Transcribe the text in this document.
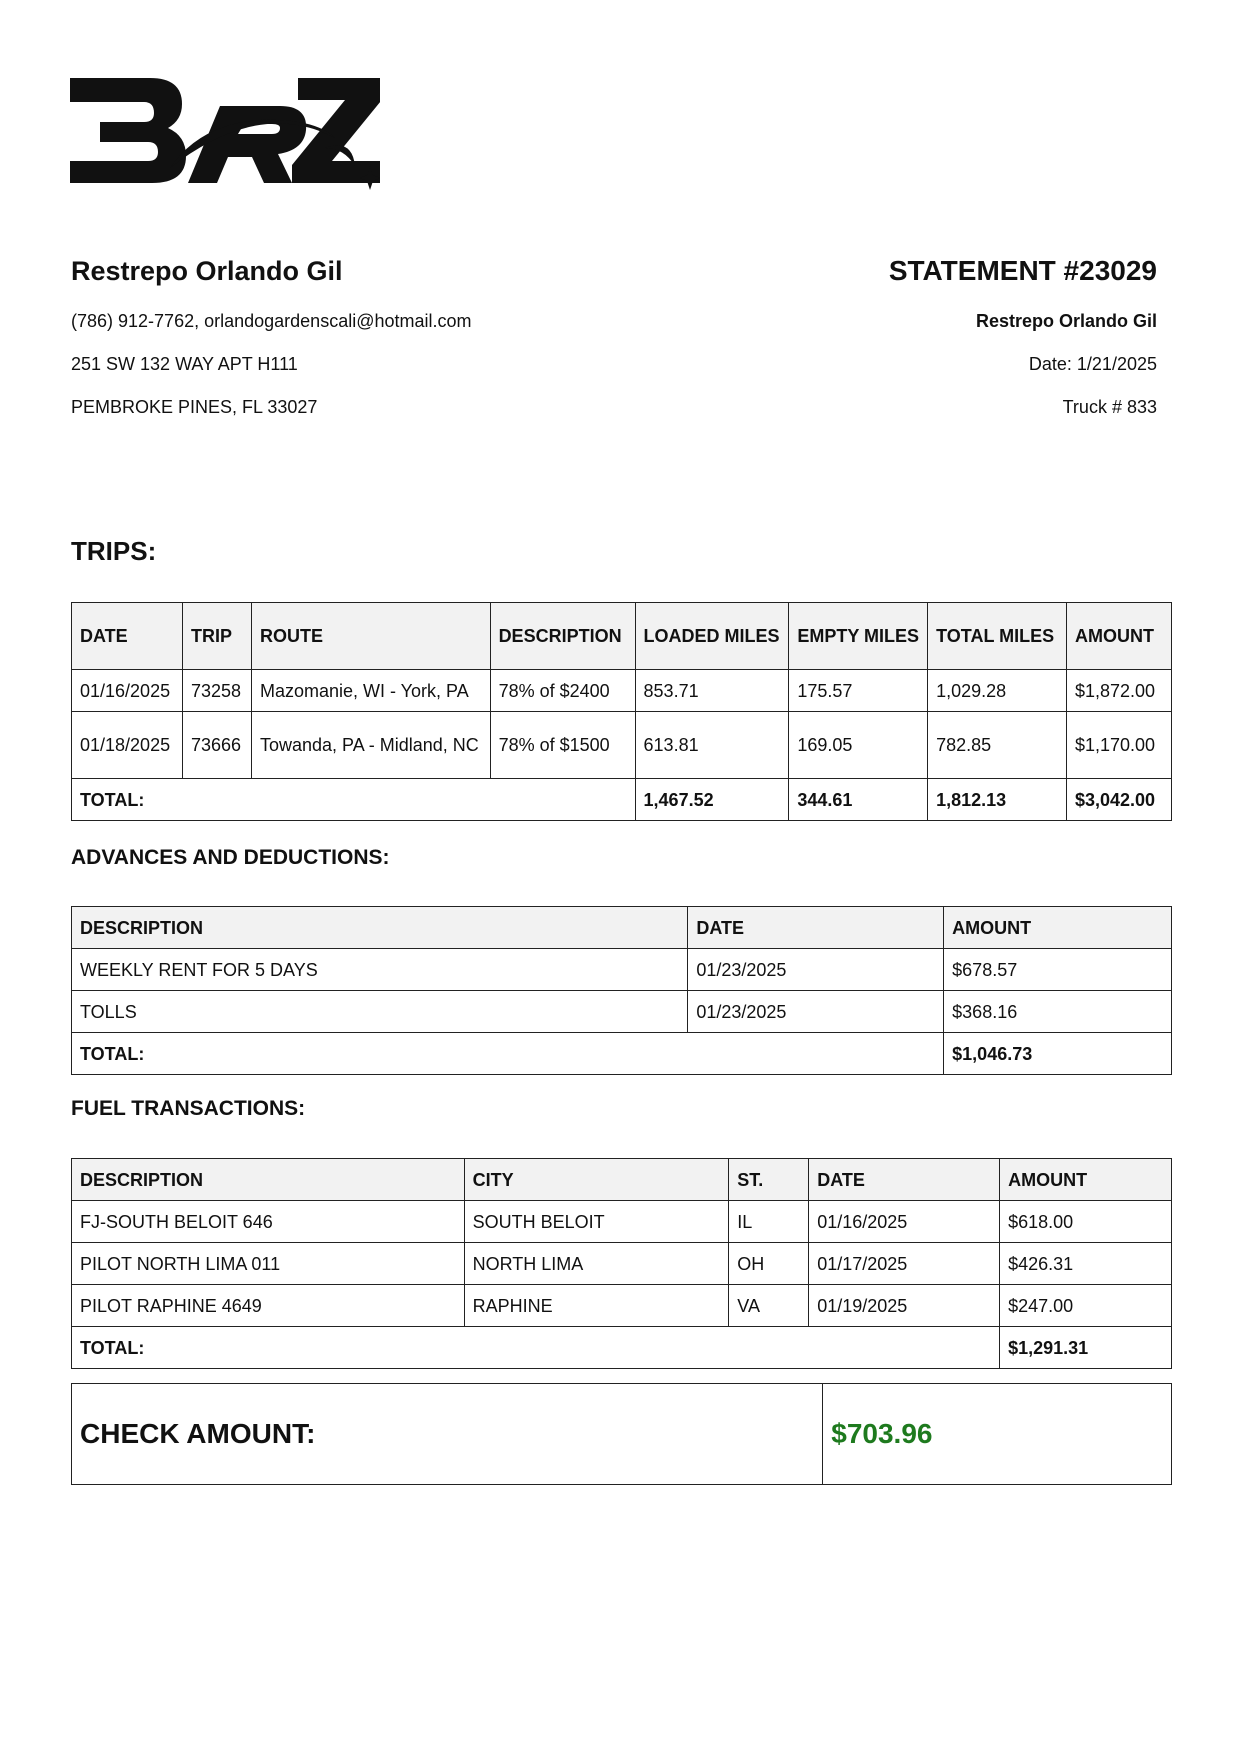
Restrepo Orlando Gil
(786) 912-7762, orlandogardenscali@hotmail.com
251 SW 132 WAY APT H111
PEMBROKE PINES, FL 33027
STATEMENT #23029
Restrepo Orlando Gil
Date: 1/21/2025
Truck # 833
TRIPS:
DATE	TRIP	ROUTE	DESCRIPTION	LOADED MILES	EMPTY MILES	TOTAL MILES	AMOUNT
01/16/2025	73258	Mazomanie, WI - York, PA	78% of $2400	853.71	175.57	1,029.28	$1,872.00
01/18/2025	73666	Towanda, PA - Midland, NC	78% of $1500	613.81	169.05	782.85	$1,170.00
TOTAL:				1,467.52	344.61	1,812.13	$3,042.00
ADVANCES AND DEDUCTIONS:
DESCRIPTION	DATE	AMOUNT
WEEKLY RENT FOR 5 DAYS	01/23/2025	$678.57
TOLLS	01/23/2025	$368.16
TOTAL:		$1,046.73
FUEL TRANSACTIONS:
DESCRIPTION	CITY	ST.	DATE	AMOUNT
FJ-SOUTH BELOIT 646	SOUTH BELOIT	IL	01/16/2025	$618.00
PILOT NORTH LIMA 011	NORTH LIMA	OH	01/17/2025	$426.31
PILOT RAPHINE 4649	RAPHINE	VA	01/19/2025	$247.00
TOTAL:				$1,291.31
CHECK AMOUNT:	$703.96
